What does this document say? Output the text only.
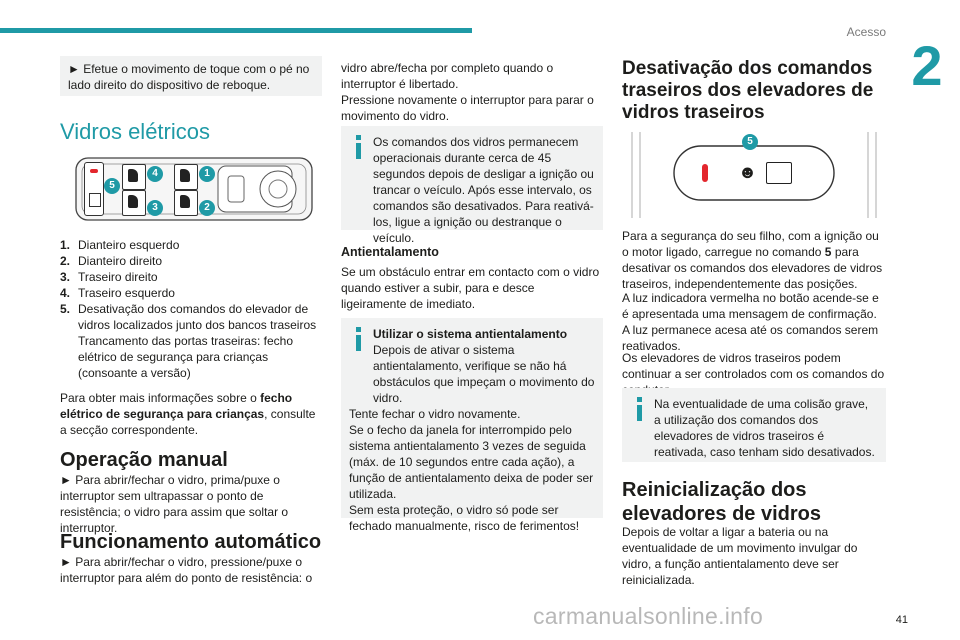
Acesso
2

► Efetue o movimento de toque com o pé no lado direito do dispositivo de reboque.

Vidros elétricos
5
4	1
3	2
1. Dianteiro esquerdo
2. Dianteiro direito
3. Traseiro direito
4. Traseiro esquerdo
5. Desativação dos comandos do elevador de vidros localizados junto dos bancos traseiros Trancamento das portas traseiras: fecho elétrico de segurança para crianças (consoante a versão)

Para obter mais informações sobre o fecho elétrico de segurança para crianças, consulte a secção correspondente.

Operação manual

► Para abrir/fechar o vidro, prima/puxe o interruptor sem ultrapassar o ponto de resistência; o vidro para assim que soltar o interruptor.

Funcionamento automático

► Para abrir/fechar o vidro, pressione/puxe o interruptor para além do ponto de resistência: o

vidro abre/fecha por completo quando o interruptor é libertado.

Pressione novamente o interruptor para parar o movimento do vidro.

Os comandos dos vidros permanecem operacionais durante cerca de 45 segundos depois de desligar a ignição ou trancar o veículo. Após esse intervalo, os comandos são desativados. Para reativá-los, ligue a ignição ou destranque o veículo.

Antientalamento

Se um obstáculo entrar em contacto com o vidro quando estiver a subir, para e desce ligeiramente de imediato.

Utilizar o sistema antientalamento

Depois de ativar o sistema antientalamento, verifique se não há obstáculos que impeçam o movimento do vidro.

Tente fechar o vidro novamente.

Se o fecho da janela for interrompido pelo sistema antientalamento 3 vezes de seguida (máx. de 10 segundos entre cada ação), a função de antientalamento deixa de poder ser utilizada.

Sem esta proteção, o vidro só pode ser fechado manualmente, risco de ferimentos!

Desativação dos comandos traseiros dos elevadores de vidros traseiros
☻
5

Para a segurança do seu filho, com a ignição ou o motor ligado, carregue no comando 5 para desativar os comandos dos elevadores de vidros traseiros, independentemente das posições.

A luz indicadora vermelha no botão acende-se e é apresentada uma mensagem de confirmação.

A luz permanece acesa até os comandos serem reativados.

Os elevadores de vidros traseiros podem continuar a ser controlados com os comandos do

Na eventualidade de uma colisão grave, a utilização dos comandos dos elevadores de vidros traseiros é reativada, caso tenham sido desativados.

Reinicialização dos elevadores de vidros

Depois de voltar a ligar a bateria ou na eventualidade de um movimento invulgar do vidro, a função antientalamento deve ser reinicializada.

carmanualsonline.info	41
